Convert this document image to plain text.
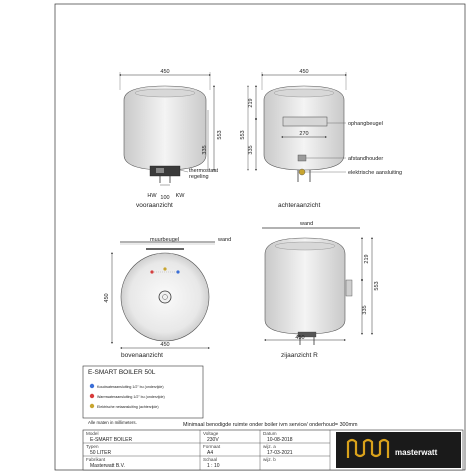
450
553
335
100
HW	KW
thermostaat regeling
vooraanzicht
450
270
ophangbeugel
afstandhouder
elektrische aansluiting
219
553
335
achteraanzicht
muurbeugel	wand
450
450
bovenaanzicht
wand
219
553
335
450
zijaanzicht R
E-SMART BOILER 50L
Koudwateraansluiting 1/2" bu (onderzijde)
Warmwateraansluiting 1/2" bu (onderzijde)
Elektrische netaansluiting (achterzijde)
Alle maten in millimeters.	Minimaal benodigde ruimte onder boiler ivm service/ onderhoud= 300mm
Model
E-SMART BOILER
Typen
50 LITER
Fabrikant
Masterwatt B.V.
Voltage
230V
Formaat
A4
Schaal
1 : 10
Datum
10-08-2018
wijz. a
17-03-2021
wijz. b
masterwatt
